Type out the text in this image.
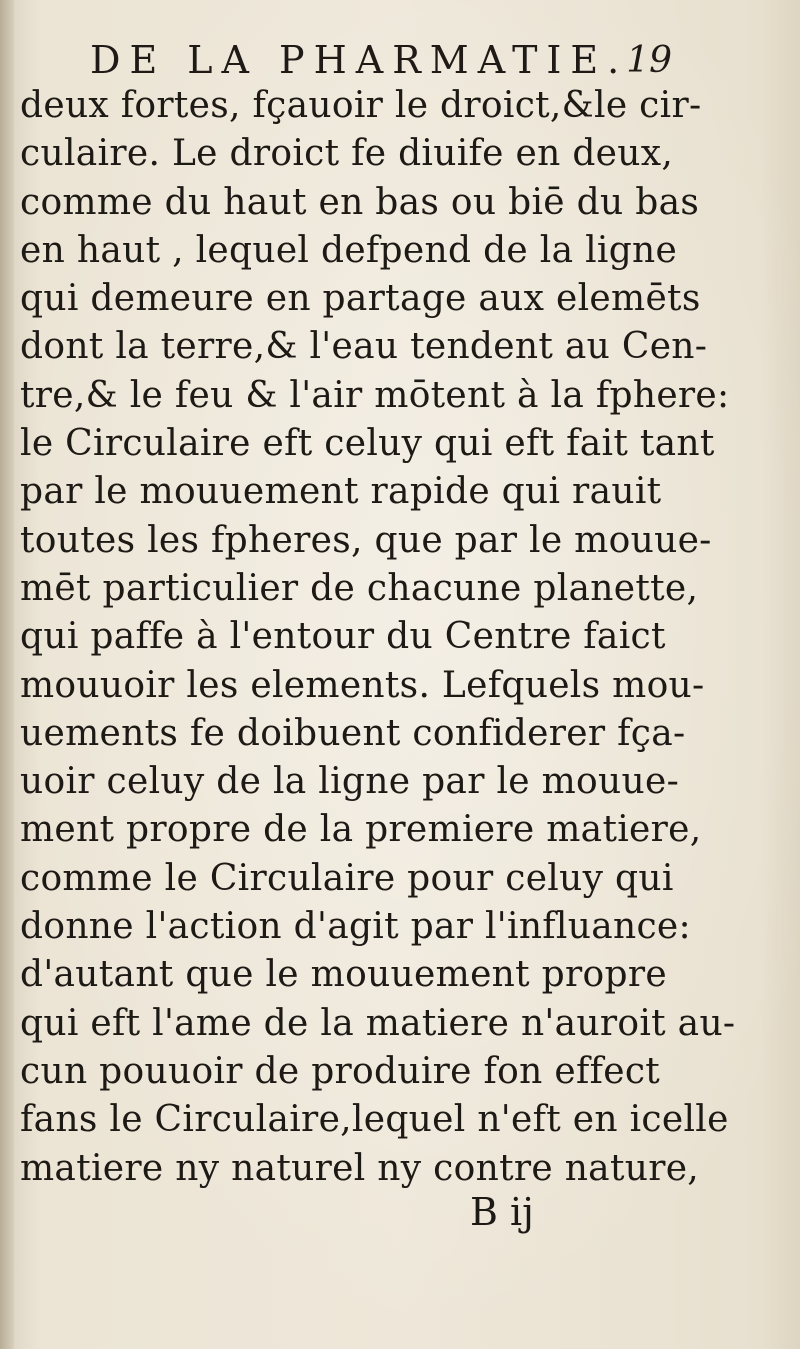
DE LA PHARMATIE.
19
deux fortes, fçauoir le droict,&le cir-
culaire. Le droict fe diuife en deux,
comme du haut en bas ou biē du bas
en haut , lequel defpend de la ligne
qui demeure en partage aux elemēts
dont la terre,& l'eau tendent au Cen-
tre,& le feu & l'air mōtent à la fphere:
le Circulaire eft celuy qui eft fait tant
par le mouuement rapide qui rauit
toutes les fpheres, que par le mouue-
mēt particulier de chacune planette,
qui paffe à l'entour du Centre faict
mouuoir les elements. Lefquels mou-
uements fe doibuent confiderer fça-
uoir celuy de la ligne par le mouue-
ment propre de la premiere matiere,
comme le Circulaire pour celuy qui
donne l'action d'agit par l'influance:
d'autant que le mouuement propre
qui eft l'ame de la matiere n'auroit au-
cun pouuoir de produire fon effect
fans le Circulaire,lequel n'eft en icelle
matiere ny naturel ny contre nature,
B ij
